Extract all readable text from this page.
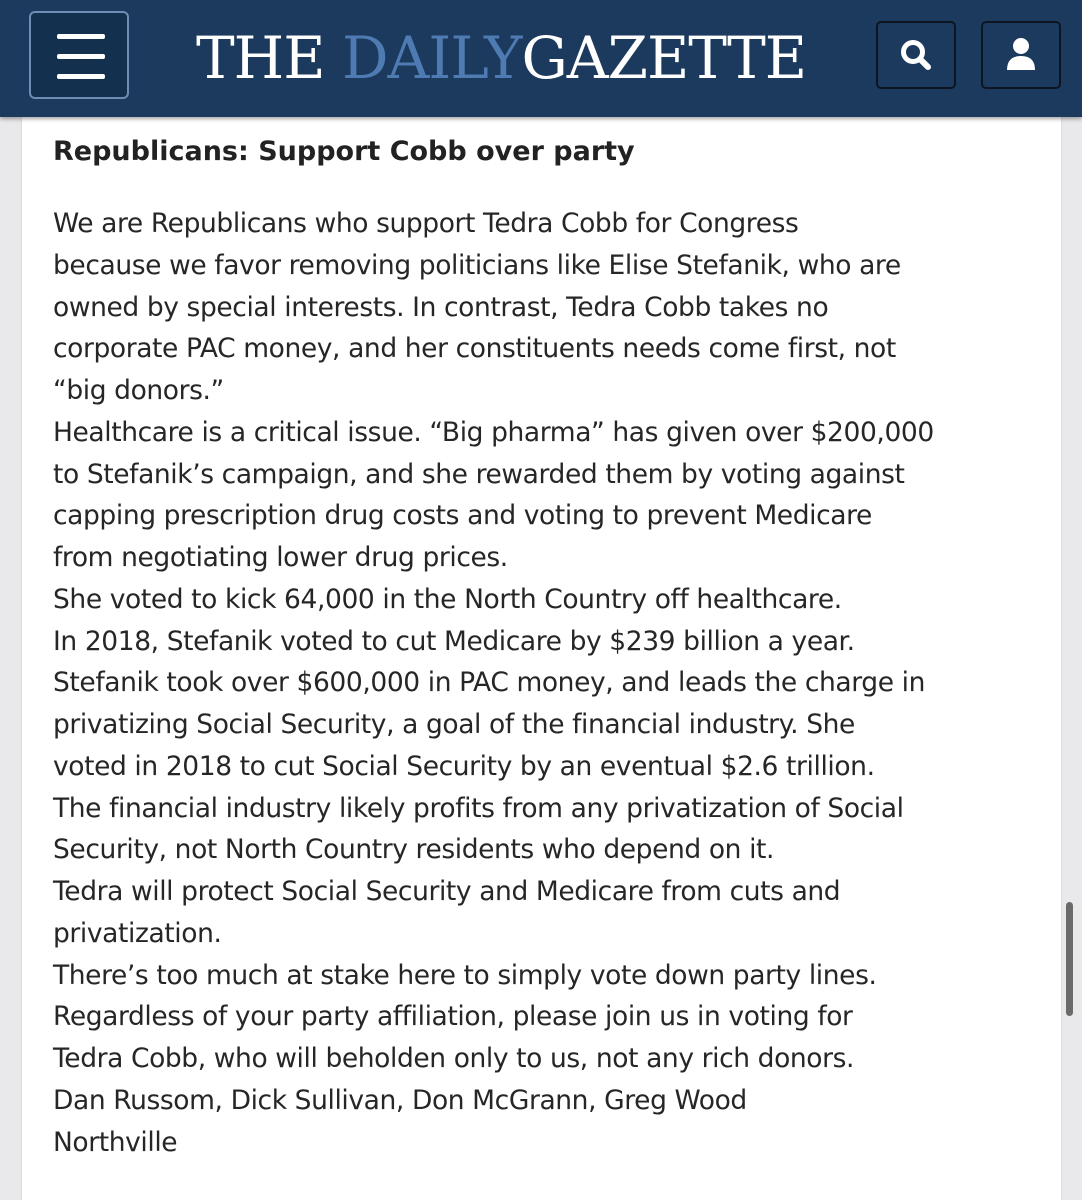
THE DAILYGAZETTE
Republicans: Support Cobb over party
We are Republicans who support Tedra Cobb for Congress
because we favor removing politicians like Elise Stefanik, who are
owned by special interests. In contrast, Tedra Cobb takes no
corporate PAC money, and her constituents needs come first, not
“big donors.”
Healthcare is a critical issue. “Big pharma” has given over $200,000
to Stefanik’s campaign, and she rewarded them by voting against
capping prescription drug costs and voting to prevent Medicare
from negotiating lower drug prices.
She voted to kick 64,000 in the North Country off healthcare.
In 2018, Stefanik voted to cut Medicare by $239 billion a year.
Stefanik took over $600,000 in PAC money, and leads the charge in
privatizing Social Security, a goal of the financial industry. She
voted in 2018 to cut Social Security by an eventual $2.6 trillion.
The financial industry likely profits from any privatization of Social
Security, not North Country residents who depend on it.
Tedra will protect Social Security and Medicare from cuts and
privatization.
There’s too much at stake here to simply vote down party lines.
Regardless of your party affiliation, please join us in voting for
Tedra Cobb, who will beholden only to us, not any rich donors.
Dan Russom, Dick Sullivan, Don McGrann, Greg Wood
Northville
